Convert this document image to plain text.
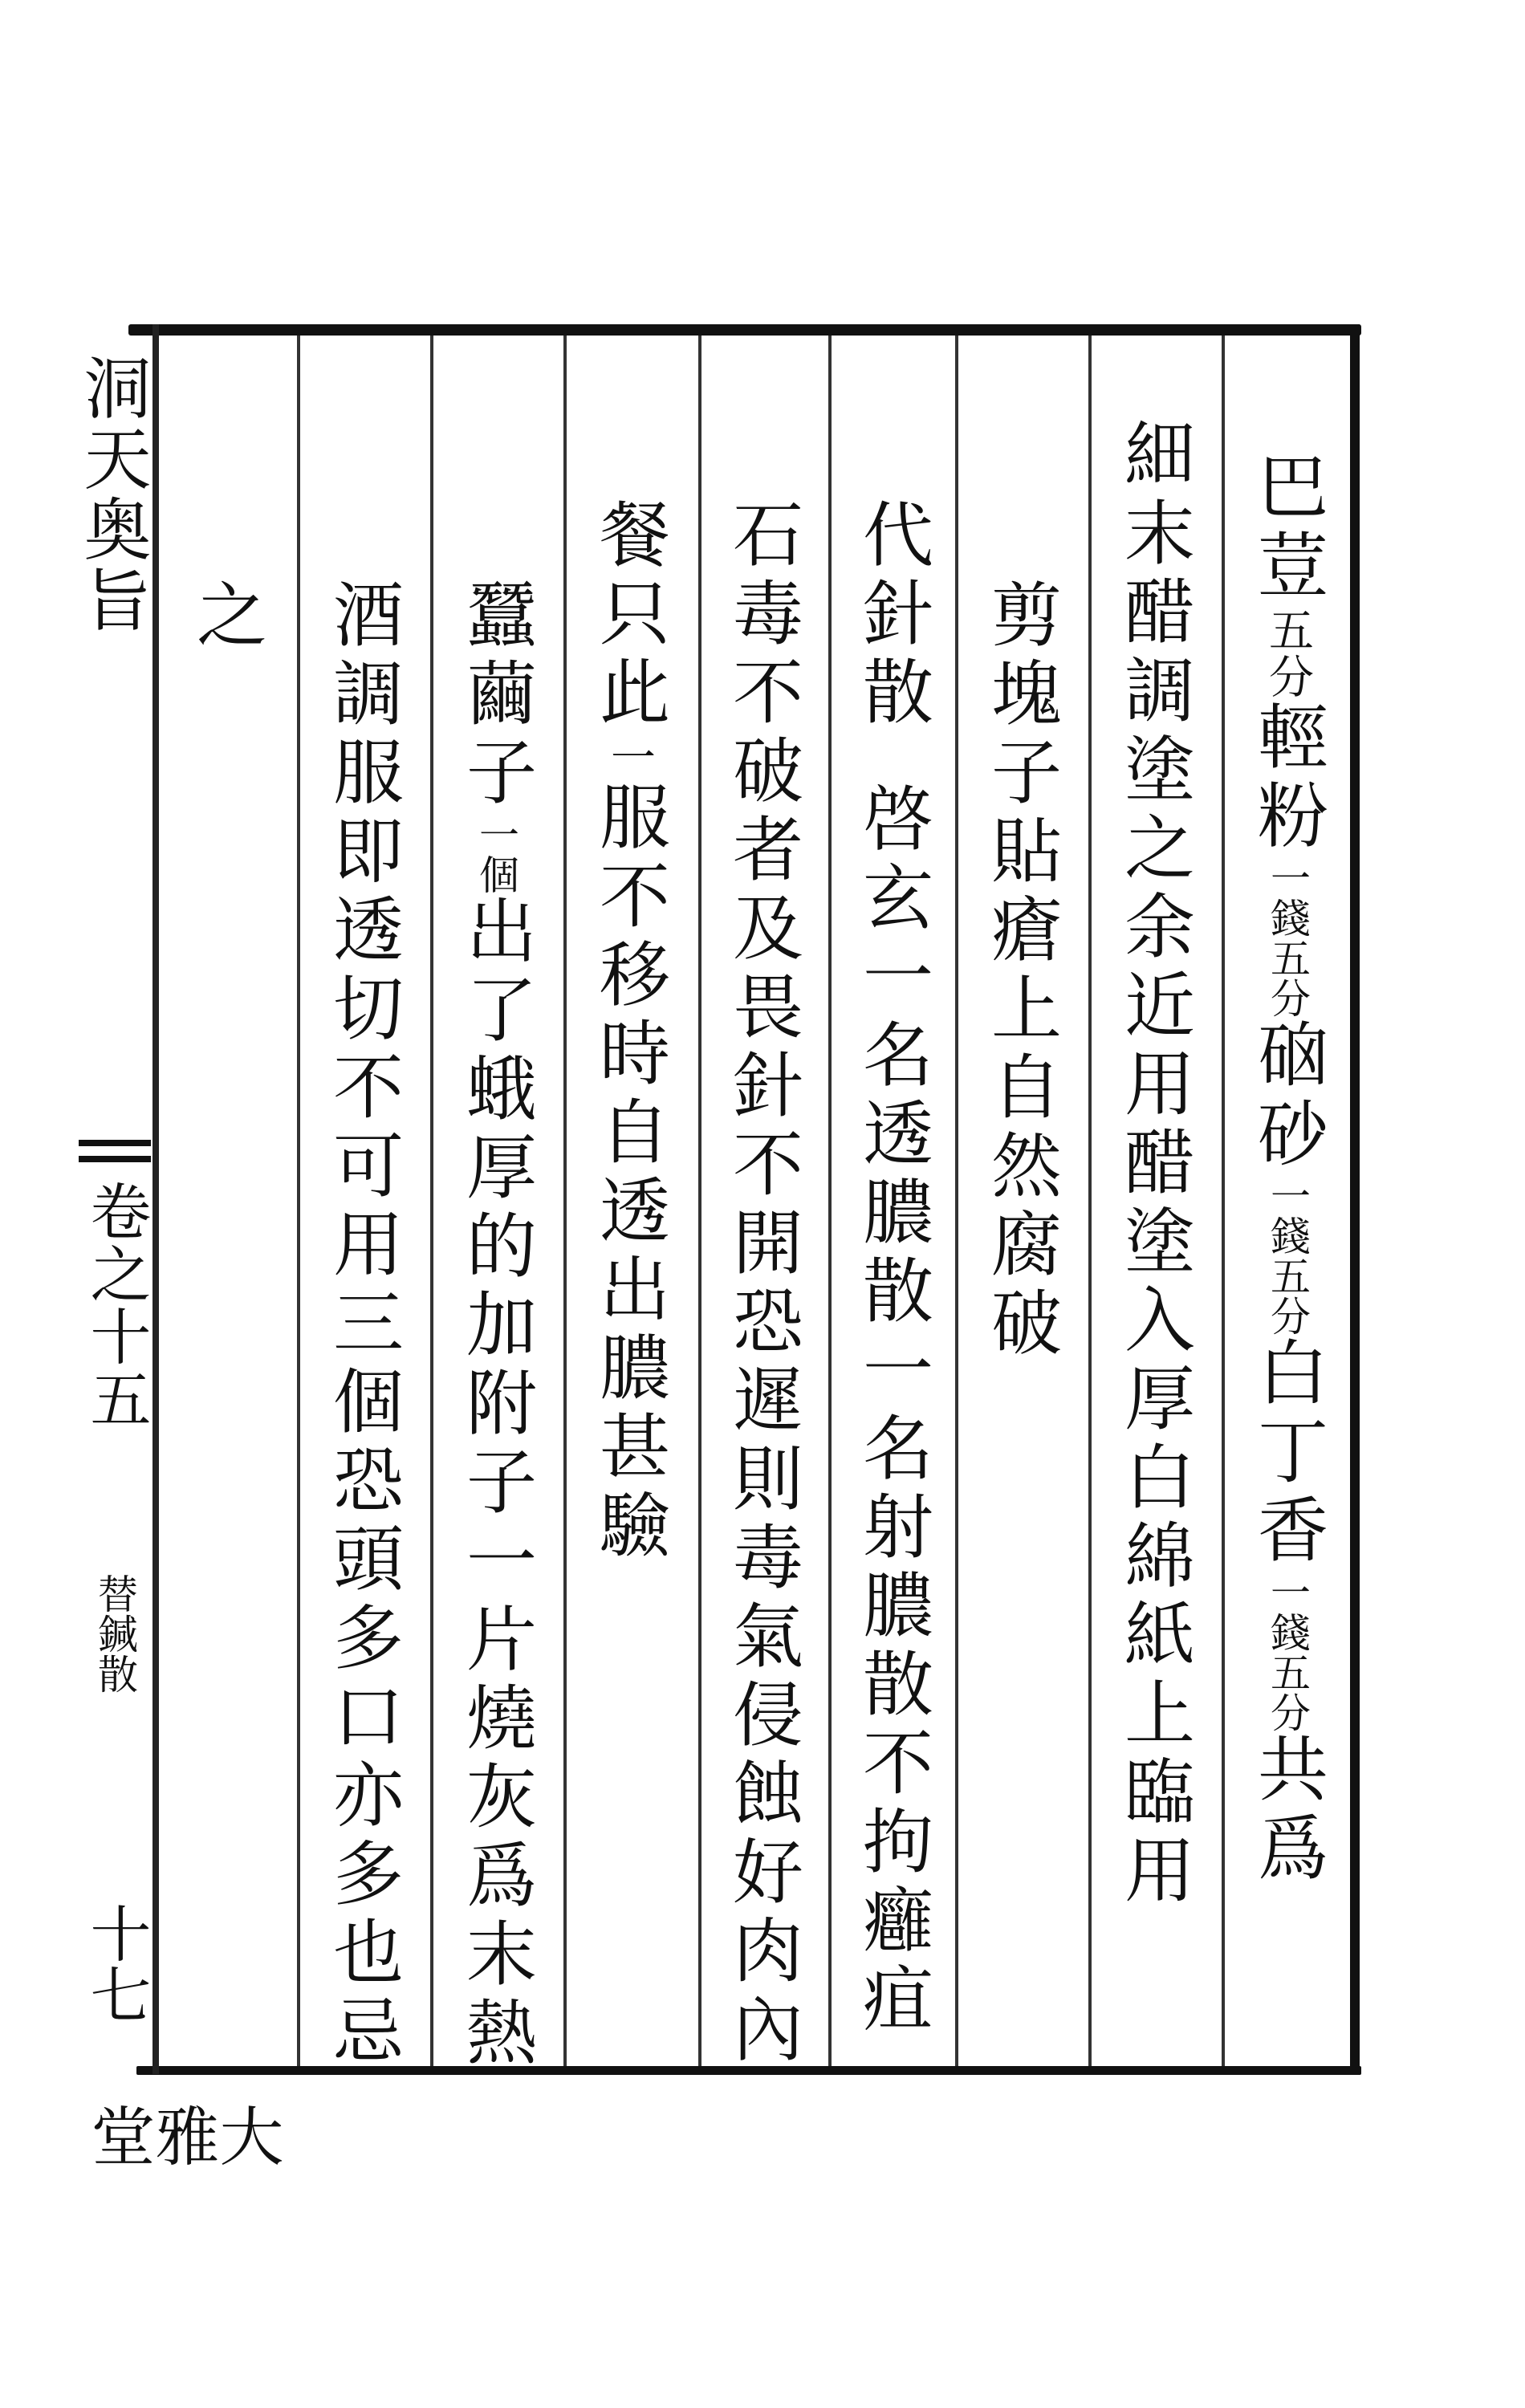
巴荳五分輕粉一錢五分硇砂一錢五分白丁香一錢五分共爲
細末醋調塗之余近用醋塗入厚白綿紙上臨用
剪塊子貼瘡上自然腐破
代針散啓玄一名透膿散一名射膿散不拘癰疽
石毒不破者及畏針不開恐遲則毒氣侵蝕好肉內
餐只此一服不移時自透出膿甚驗
蠶繭子一個出了蛾厚的加附子一片燒灰爲末熱
酒調服即透切不可用三個恐頭多口亦多也忌
之
洞天奥旨
卷之十五
替鍼散
十七
大雅堂
